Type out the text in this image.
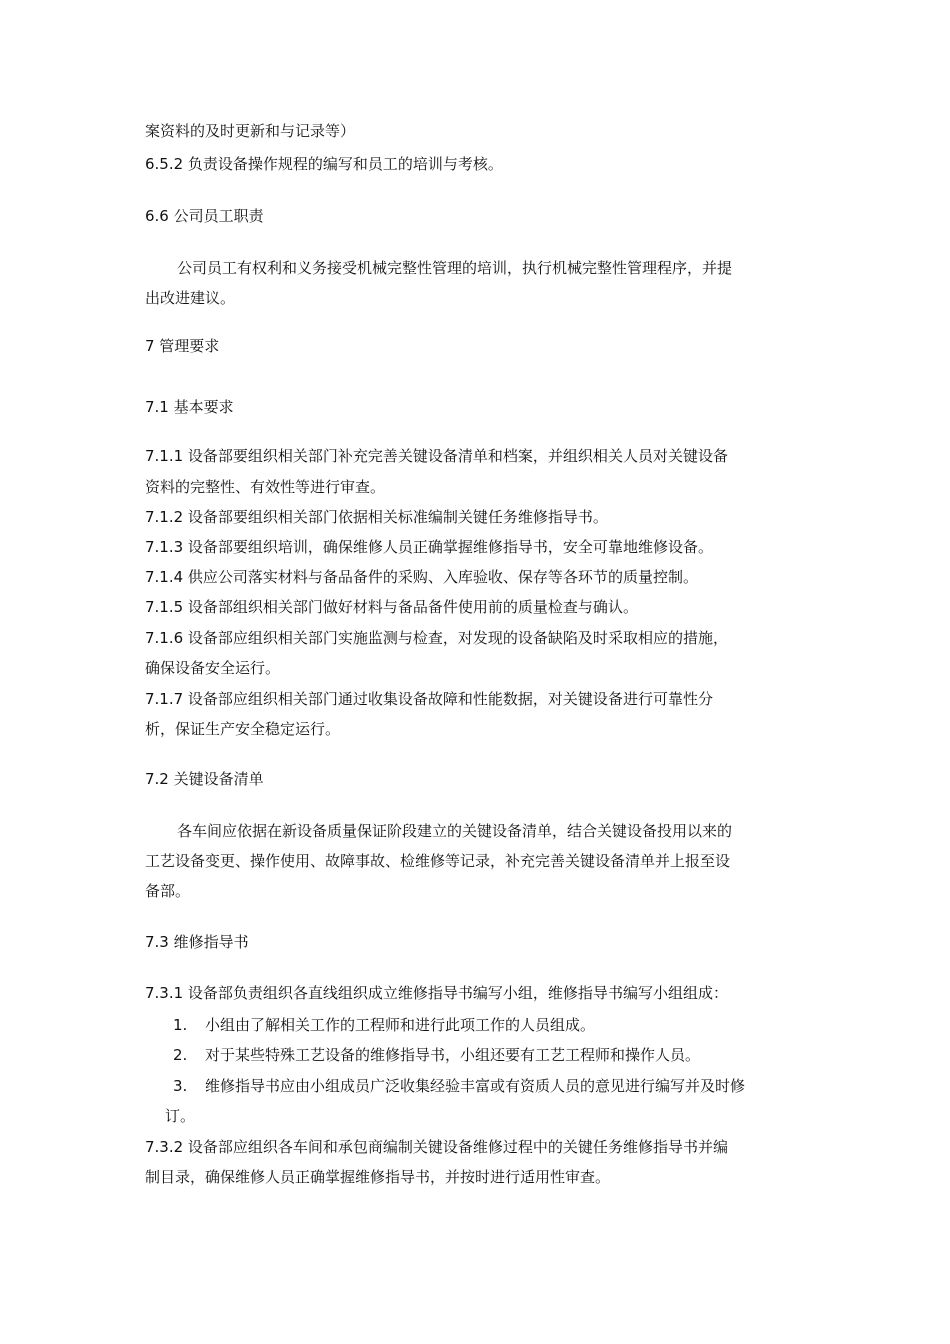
案资料的及时更新和与记录等）
6.5.2 负责设备操作规程的编写和员工的培训与考核。
6.6 公司员工职责
公司员工有权利和义务接受机械完整性管理的培训，执行机械完整性管理程序，并提
出改进建议。
7 管理要求
7.1 基本要求
7.1.1 设备部要组织相关部门补充完善关键设备清单和档案，并组织相关人员对关键设备
资料的完整性、有效性等进行审查。
7.1.2 设备部要组织相关部门依据相关标准编制关键任务维修指导书。
7.1.3 设备部要组织培训，确保维修人员正确掌握维修指导书，安全可靠地维修设备。
7.1.4 供应公司落实材料与备品备件的采购、入库验收、保存等各环节的质量控制。
7.1.5 设备部组织相关部门做好材料与备品备件使用前的质量检查与确认。
7.1.6 设备部应组织相关部门实施监测与检查，对发现的设备缺陷及时采取相应的措施，
确保设备安全运行。
7.1.7 设备部应组织相关部门通过收集设备故障和性能数据，对关键设备进行可靠性分
析，保证生产安全稳定运行。
7.2 关键设备清单
各车间应依据在新设备质量保证阶段建立的关键设备清单，结合关键设备投用以来的
工艺设备变更、操作使用、故障事故、检维修等记录，补充完善关键设备清单并上报至设
备部。
7.3 维修指导书
7.3.1 设备部负责组织各直线组织成立维修指导书编写小组，维修指导书编写小组组成：
1. 小组由了解相关工作的工程师和进行此项工作的人员组成。
2. 对于某些特殊工艺设备的维修指导书，小组还要有工艺工程师和操作人员。
3. 维修指导书应由小组成员广泛收集经验丰富或有资质人员的意见进行编写并及时修
订。
7.3.2 设备部应组织各车间和承包商编制关键设备维修过程中的关键任务维修指导书并编
制目录，确保维修人员正确掌握维修指导书，并按时进行适用性审查。
